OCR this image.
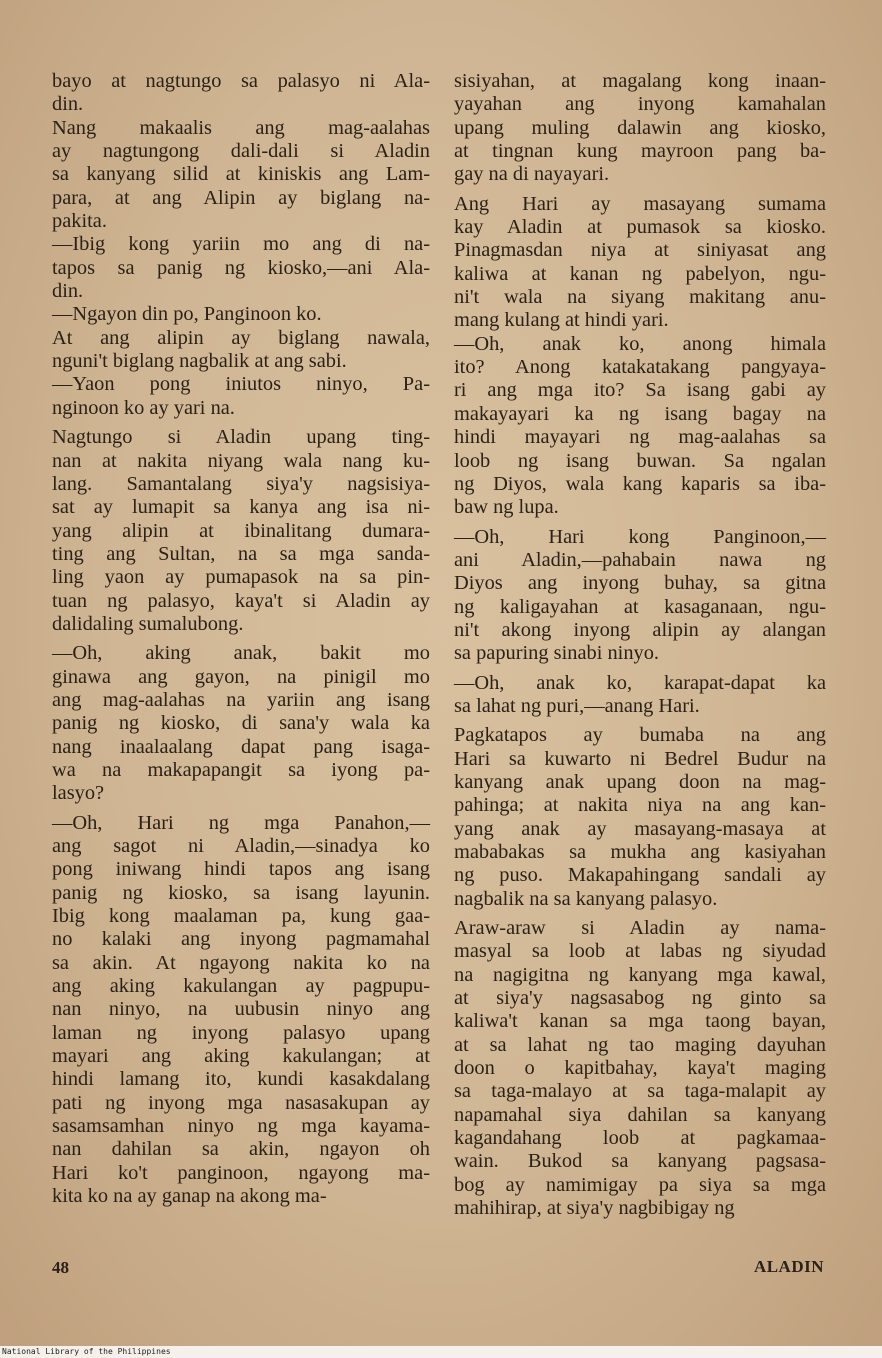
bayo at nagtungo sa palasyo ni Ala-
din.
Nang makaalis ang mag-aalahas
ay nagtungong dali-dali si Aladin
sa kanyang silid at kiniskis ang Lam-
para, at ang Alipin ay biglang na-
pakita.
—Ibig kong yariin mo ang di na-
tapos sa panig ng kiosko,—ani Ala-
din.
—Ngayon din po, Panginoon ko.
At ang alipin ay biglang nawala,
nguni't biglang nagbalik at ang sabi.
—Yaon pong iniutos ninyo, Pa-
nginoon ko ay yari na.
Nagtungo si Aladin upang ting-
nan at nakita niyang wala nang ku-
lang. Samantalang siya'y nagsisiya-
sat ay lumapit sa kanya ang isa ni-
yang alipin at ibinalitang dumara-
ting ang Sultan, na sa mga sanda-
ling yaon ay pumapasok na sa pin-
tuan ng palasyo, kaya't si Aladin ay
dalidaling sumalubong.
—Oh, aking anak, bakit mo
ginawa ang gayon, na pinigil mo
ang mag-aalahas na yariin ang isang
panig ng kiosko, di sana'y wala ka
nang inaalaalang dapat pang isaga-
wa na makapapangit sa iyong pa-
lasyo?
—Oh, Hari ng mga Panahon,—
ang sagot ni Aladin,—sinadya ko
pong iniwang hindi tapos ang isang
panig ng kiosko, sa isang layunin.
Ibig kong maalaman pa, kung gaa-
no kalaki ang inyong pagmamahal
sa akin. At ngayong nakita ko na
ang aking kakulangan ay pagpupu-
nan ninyo, na uubusin ninyo ang
laman ng inyong palasyo upang
mayari ang aking kakulangan; at
hindi lamang ito, kundi kasakdalang
pati ng inyong mga nasasakupan ay
sasamsamhan ninyo ng mga kayama-
nan dahilan sa akin, ngayon oh
Hari ko't panginoon, ngayong ma-
kita ko na ay ganap na akong ma-
sisiyahan, at magalang kong inaan-
yayahan ang inyong kamahalan
upang muling dalawin ang kiosko,
at tingnan kung mayroon pang ba-
gay na di nayayari.
Ang Hari ay masayang sumama
kay Aladin at pumasok sa kiosko.
Pinagmasdan niya at siniyasat ang
kaliwa at kanan ng pabelyon, ngu-
ni't wala na siyang makitang anu-
mang kulang at hindi yari.
—Oh, anak ko, anong himala
ito? Anong katakatakang pangyaya-
ri ang mga ito? Sa isang gabi ay
makayayari ka ng isang bagay na
hindi mayayari ng mag-aalahas sa
loob ng isang buwan. Sa ngalan
ng Diyos, wala kang kaparis sa iba-
baw ng lupa.
—Oh, Hari kong Panginoon,—
ani Aladin,—pahabain nawa ng
Diyos ang inyong buhay, sa gitna
ng kaligayahan at kasaganaan, ngu-
ni't akong inyong alipin ay alangan
sa papuring sinabi ninyo.
—Oh, anak ko, karapat-dapat ka
sa lahat ng puri,—anang Hari.
Pagkatapos ay bumaba na ang
Hari sa kuwarto ni Bedrel Budur na
kanyang anak upang doon na mag-
pahinga; at nakita niya na ang kan-
yang anak ay masayang-masaya at
mababakas sa mukha ang kasiyahan
ng puso. Makapahingang sandali ay
nagbalik na sa kanyang palasyo.
Araw-araw si Aladin ay nama-
masyal sa loob at labas ng siyudad
na nagigitna ng kanyang mga kawal,
at siya'y nagsasabog ng ginto sa
kaliwa't kanan sa mga taong bayan,
at sa lahat ng tao maging dayuhan
doon o kapitbahay, kaya't maging
sa taga-malayo at sa taga-malapit ay
napamahal siya dahilan sa kanyang
kagandahang loob at pagkamaa-
wain. Bukod sa kanyang pagsasa-
bog ay namimigay pa siya sa mga
mahihirap, at siya'y nagbibigay ng
48	ALADIN
National Library of the Philippines
